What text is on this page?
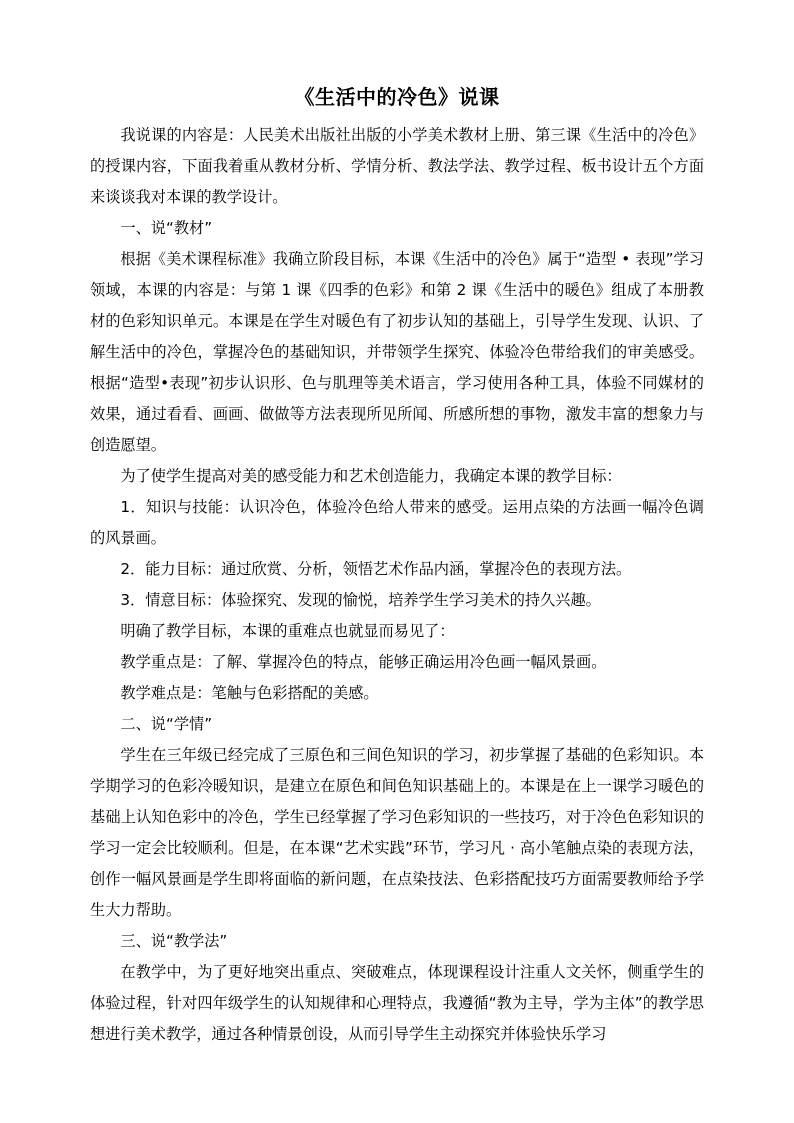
《生活中的冷色》说课

我说课的内容是：人民美术出版社出版的小学美术教材上册、第三课《生活中的冷色》的授课内容，下面我着重从教材分析、学情分析、教法学法、教学过程、板书设计五个方面来谈谈我对本课的教学设计。

一、说“教材”

根据《美术课程标准》我确立阶段目标，本课《生活中的冷色》属于“造型 • 表现”学习领域，本课的内容是：与第 1 课《四季的色彩》和第 2 课《生活中的暖色》组成了本册教材的色彩知识单元。本课是在学生对暖色有了初步认知的基础上，引导学生发现、认识、了解生活中的冷色，掌握冷色的基础知识，并带领学生探究、体验冷色带给我们的审美感受。根据“造型•表现”初步认识形、色与肌理等美术语言，学习使用各种工具，体验不同媒材的效果，通过看看、画画、做做等方法表现所见所闻、所感所想的事物，激发丰富的想象力与创造愿望。

为了使学生提高对美的感受能力和艺术创造能力，我确定本课的教学目标：

1．知识与技能：认识冷色，体验冷色给人带来的感受。运用点染的方法画一幅冷色调的风景画。

2．能力目标：通过欣赏、分析，领悟艺术作品内涵，掌握冷色的表现方法。

3．情意目标：体验探究、发现的愉悦，培养学生学习美术的持久兴趣。

明确了教学目标，本课的重难点也就显而易见了：

教学重点是：了解、掌握冷色的特点，能够正确运用冷色画一幅风景画。

教学难点是：笔触与色彩搭配的美感。

二、说“学情”

学生在三年级已经完成了三原色和三间色知识的学习，初步掌握了基础的色彩知识。本学期学习的色彩冷暖知识，是建立在原色和间色知识基础上的。本课是在上一课学习暖色的基础上认知色彩中的冷色，学生已经掌握了学习色彩知识的一些技巧，对于冷色色彩知识的学习一定会比较顺利。但是，在本课“艺术实践”环节，学习凡 · 高小笔触点染的表现方法，创作一幅风景画是学生即将面临的新问题，在点染技法、色彩搭配技巧方面需要教师给予学生大力帮助。

三、说“教学法”

在教学中，为了更好地突出重点、突破难点，体现课程设计注重人文关怀，侧重学生的体验过程，针对四年级学生的认知规律和心理特点，我遵循“教为主导，学为主体”的教学思想进行美术教学，通过各种情景创设，从而引导学生主动探究并体验快乐学习
